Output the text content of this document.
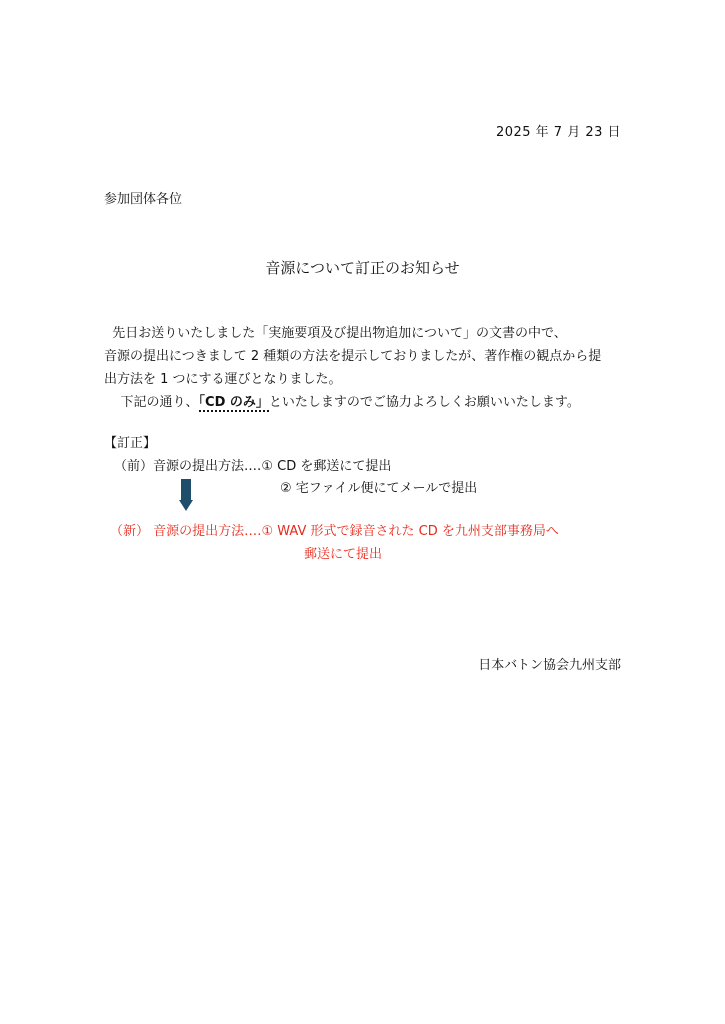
2025 年 7 月 23 日
参加団体各位
音源について訂正のお知らせ

先日お送りいたしました「実施要項及び提出物追加について」の文書の中で、

音源の提出につきまして 2 種類の方法を提示しておりましたが、著作権の観点から提

出方法を 1 つにする運びとなりました。

下記の通り、「CD のみ」といたしますのでご協力よろしくお願いいたします。

【訂正】
（前）音源の提出方法‥‥① CD を郵送にて提出
② 宅ファイル便にてメールで提出
（新） 音源の提出方法‥‥① WAV 形式で録音された CD を九州支部事務局へ
郵送にて提出
日本バトン協会九州支部
